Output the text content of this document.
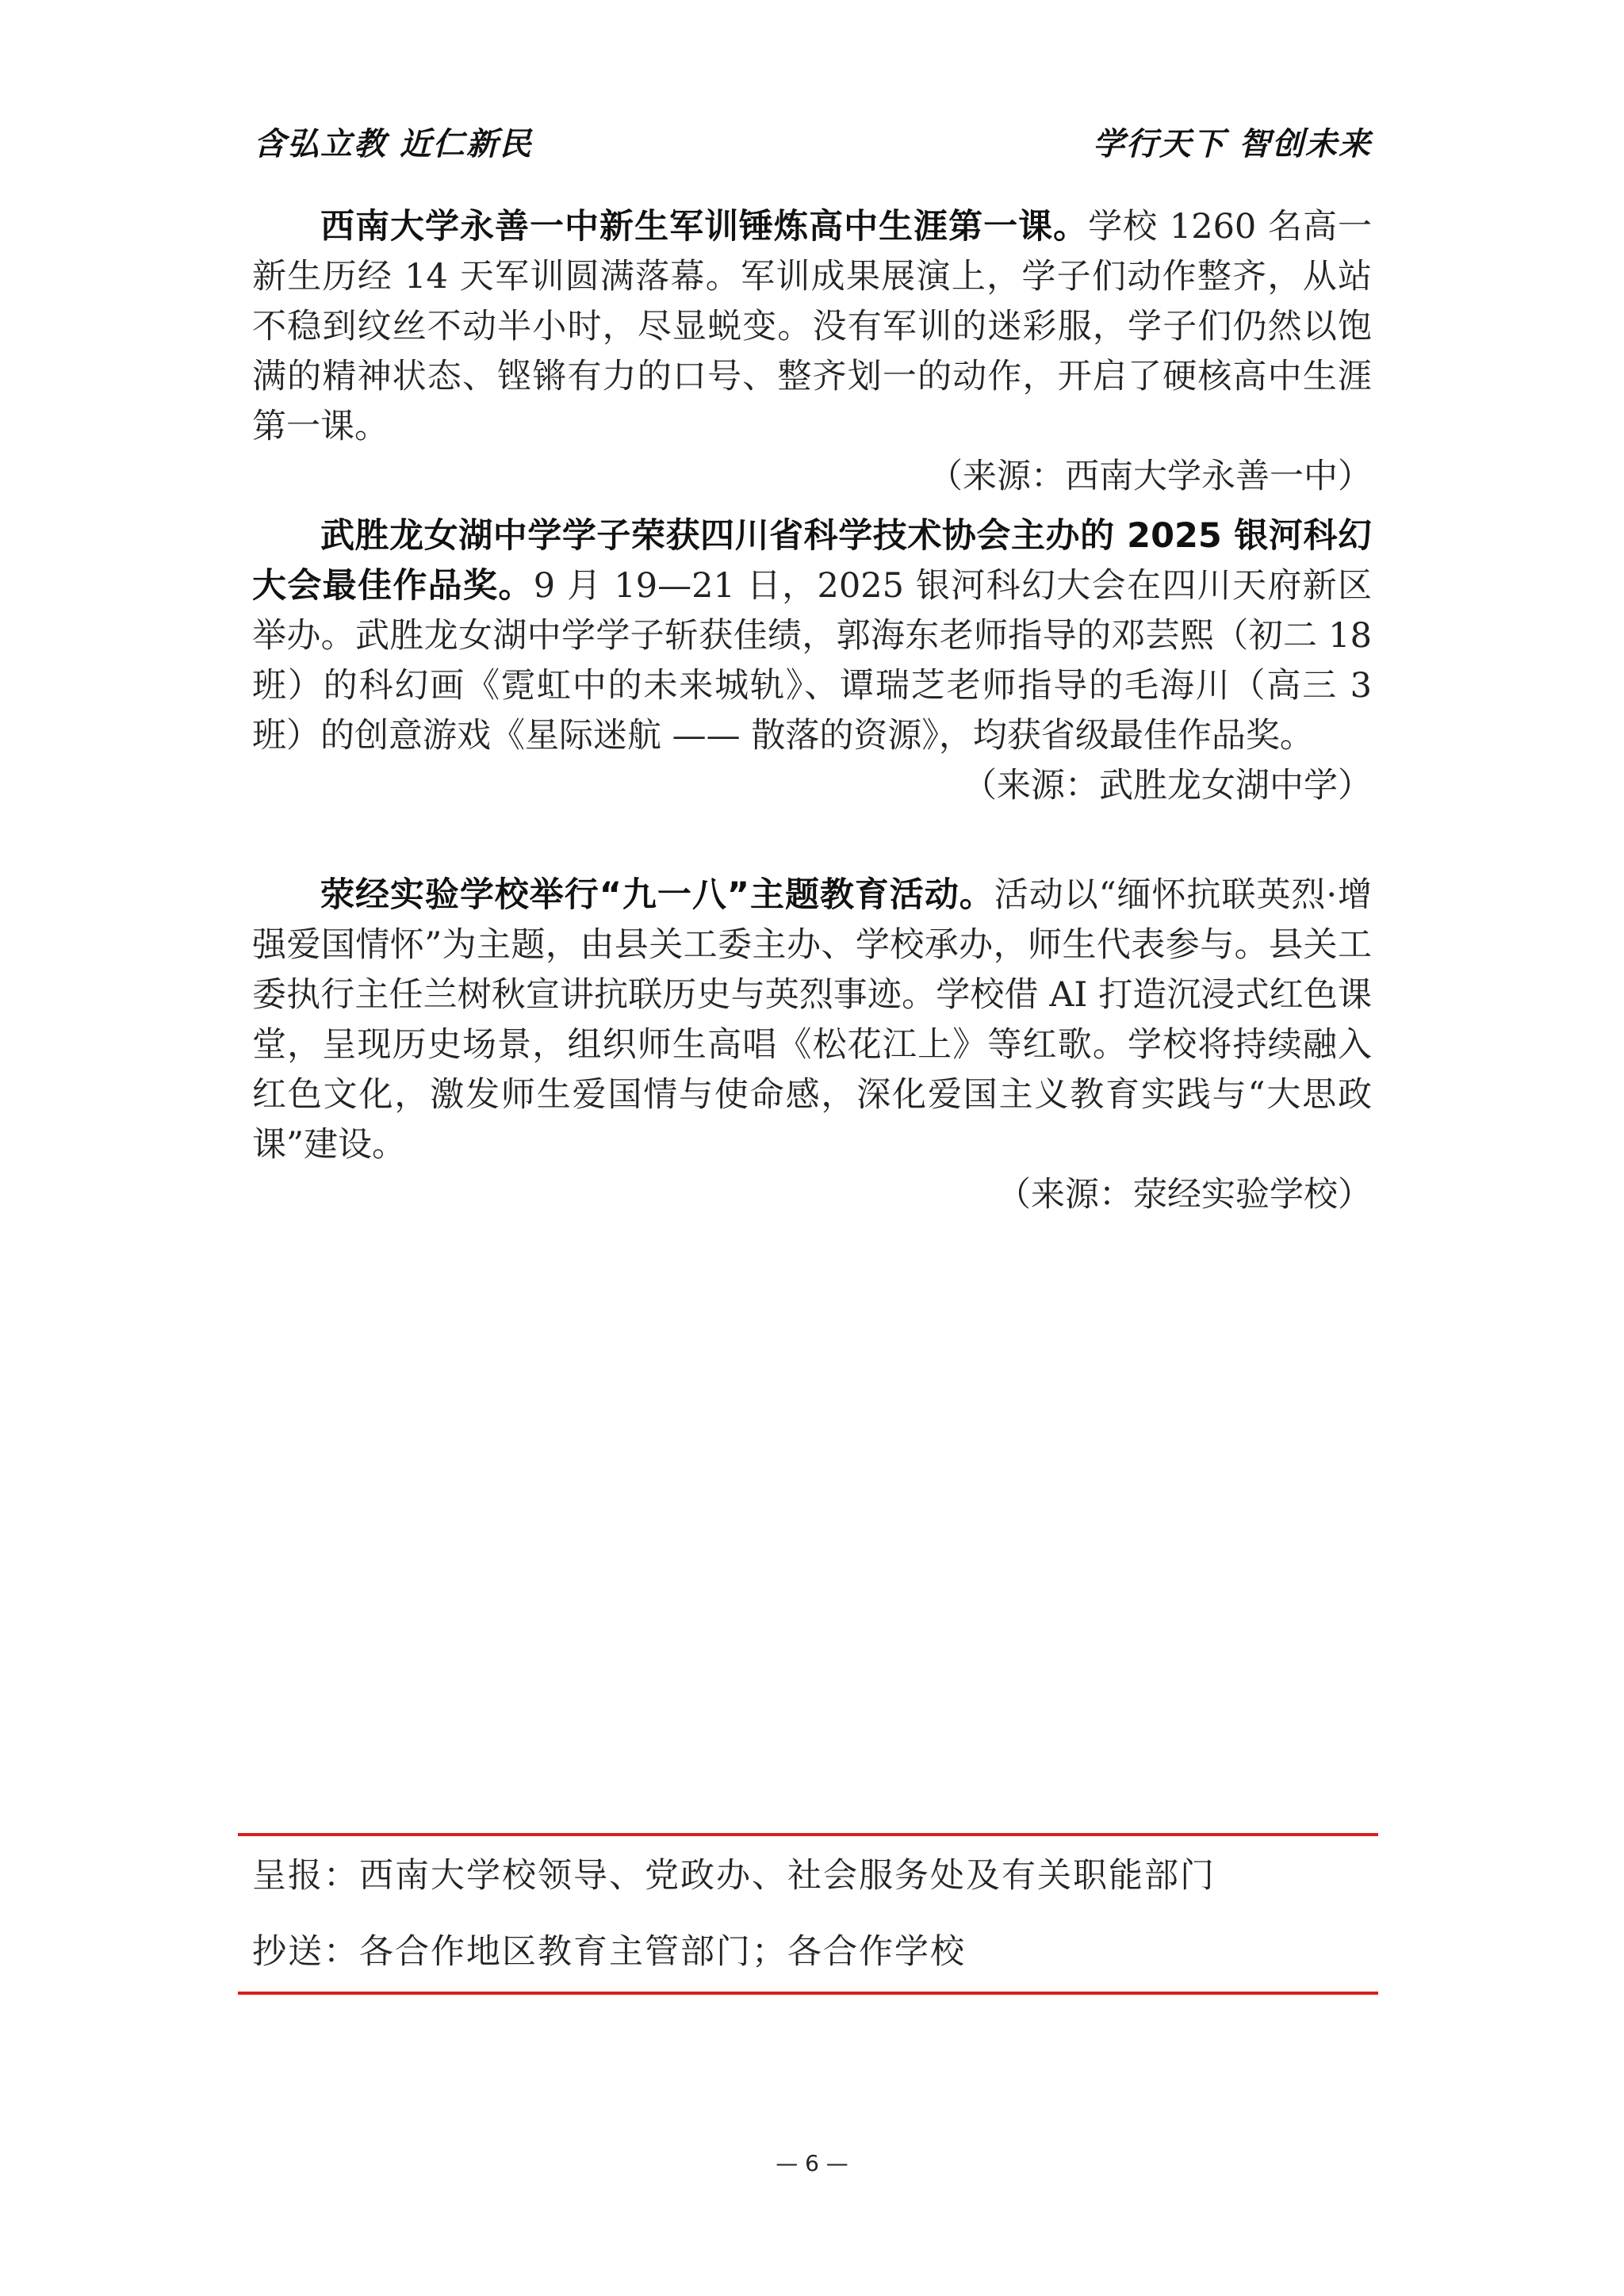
含弘立教 近仁新民	学行天下 智创未来

西南大学永善一中新生军训锤炼高中生涯第一课。学校 1260 名高一新生历经 14 天军训圆满落幕。军训成果展演上，学子们动作整齐，从站不稳到纹丝不动半小时，尽显蜕变。没有军训的迷彩服，学子们仍然以饱满的精神状态、铿锵有力的口号、整齐划一的动作，开启了硬核高中生涯第一课。
（来源：西南大学永善一中）

武胜龙女湖中学学子荣获四川省科学技术协会主办的 2025 银河科幻大会最佳作品奖。9 月 19—21 日，2025 银河科幻大会在四川天府新区举办。武胜龙女湖中学学子斩获佳绩，郭海东老师指导的邓芸熙（初二 18 班）的科幻画《霓虹中的未来城轨》、谭瑞芝老师指导的毛海川（高三 3 班）的创意游戏《星际迷航 —— 散落的资源》，均获省级最佳作品奖。
（来源：武胜龙女湖中学）

荥经实验学校举行“九一八”主题教育活动。活动以“缅怀抗联英烈·增强爱国情怀”为主题，由县关工委主办、学校承办，师生代表参与。县关工委执行主任兰树秋宣讲抗联历史与英烈事迹。学校借 AI 打造沉浸式红色课堂，呈现历史场景，组织师生高唱《松花江上》等红歌。学校将持续融入红色文化，激发师生爱国情与使命感，深化爱国主义教育实践与“大思政课”建设。
（来源：荥经实验学校）

呈报：西南大学校领导、党政办、社会服务处及有关职能部门
抄送：各合作地区教育主管部门；各合作学校
— 6 —
